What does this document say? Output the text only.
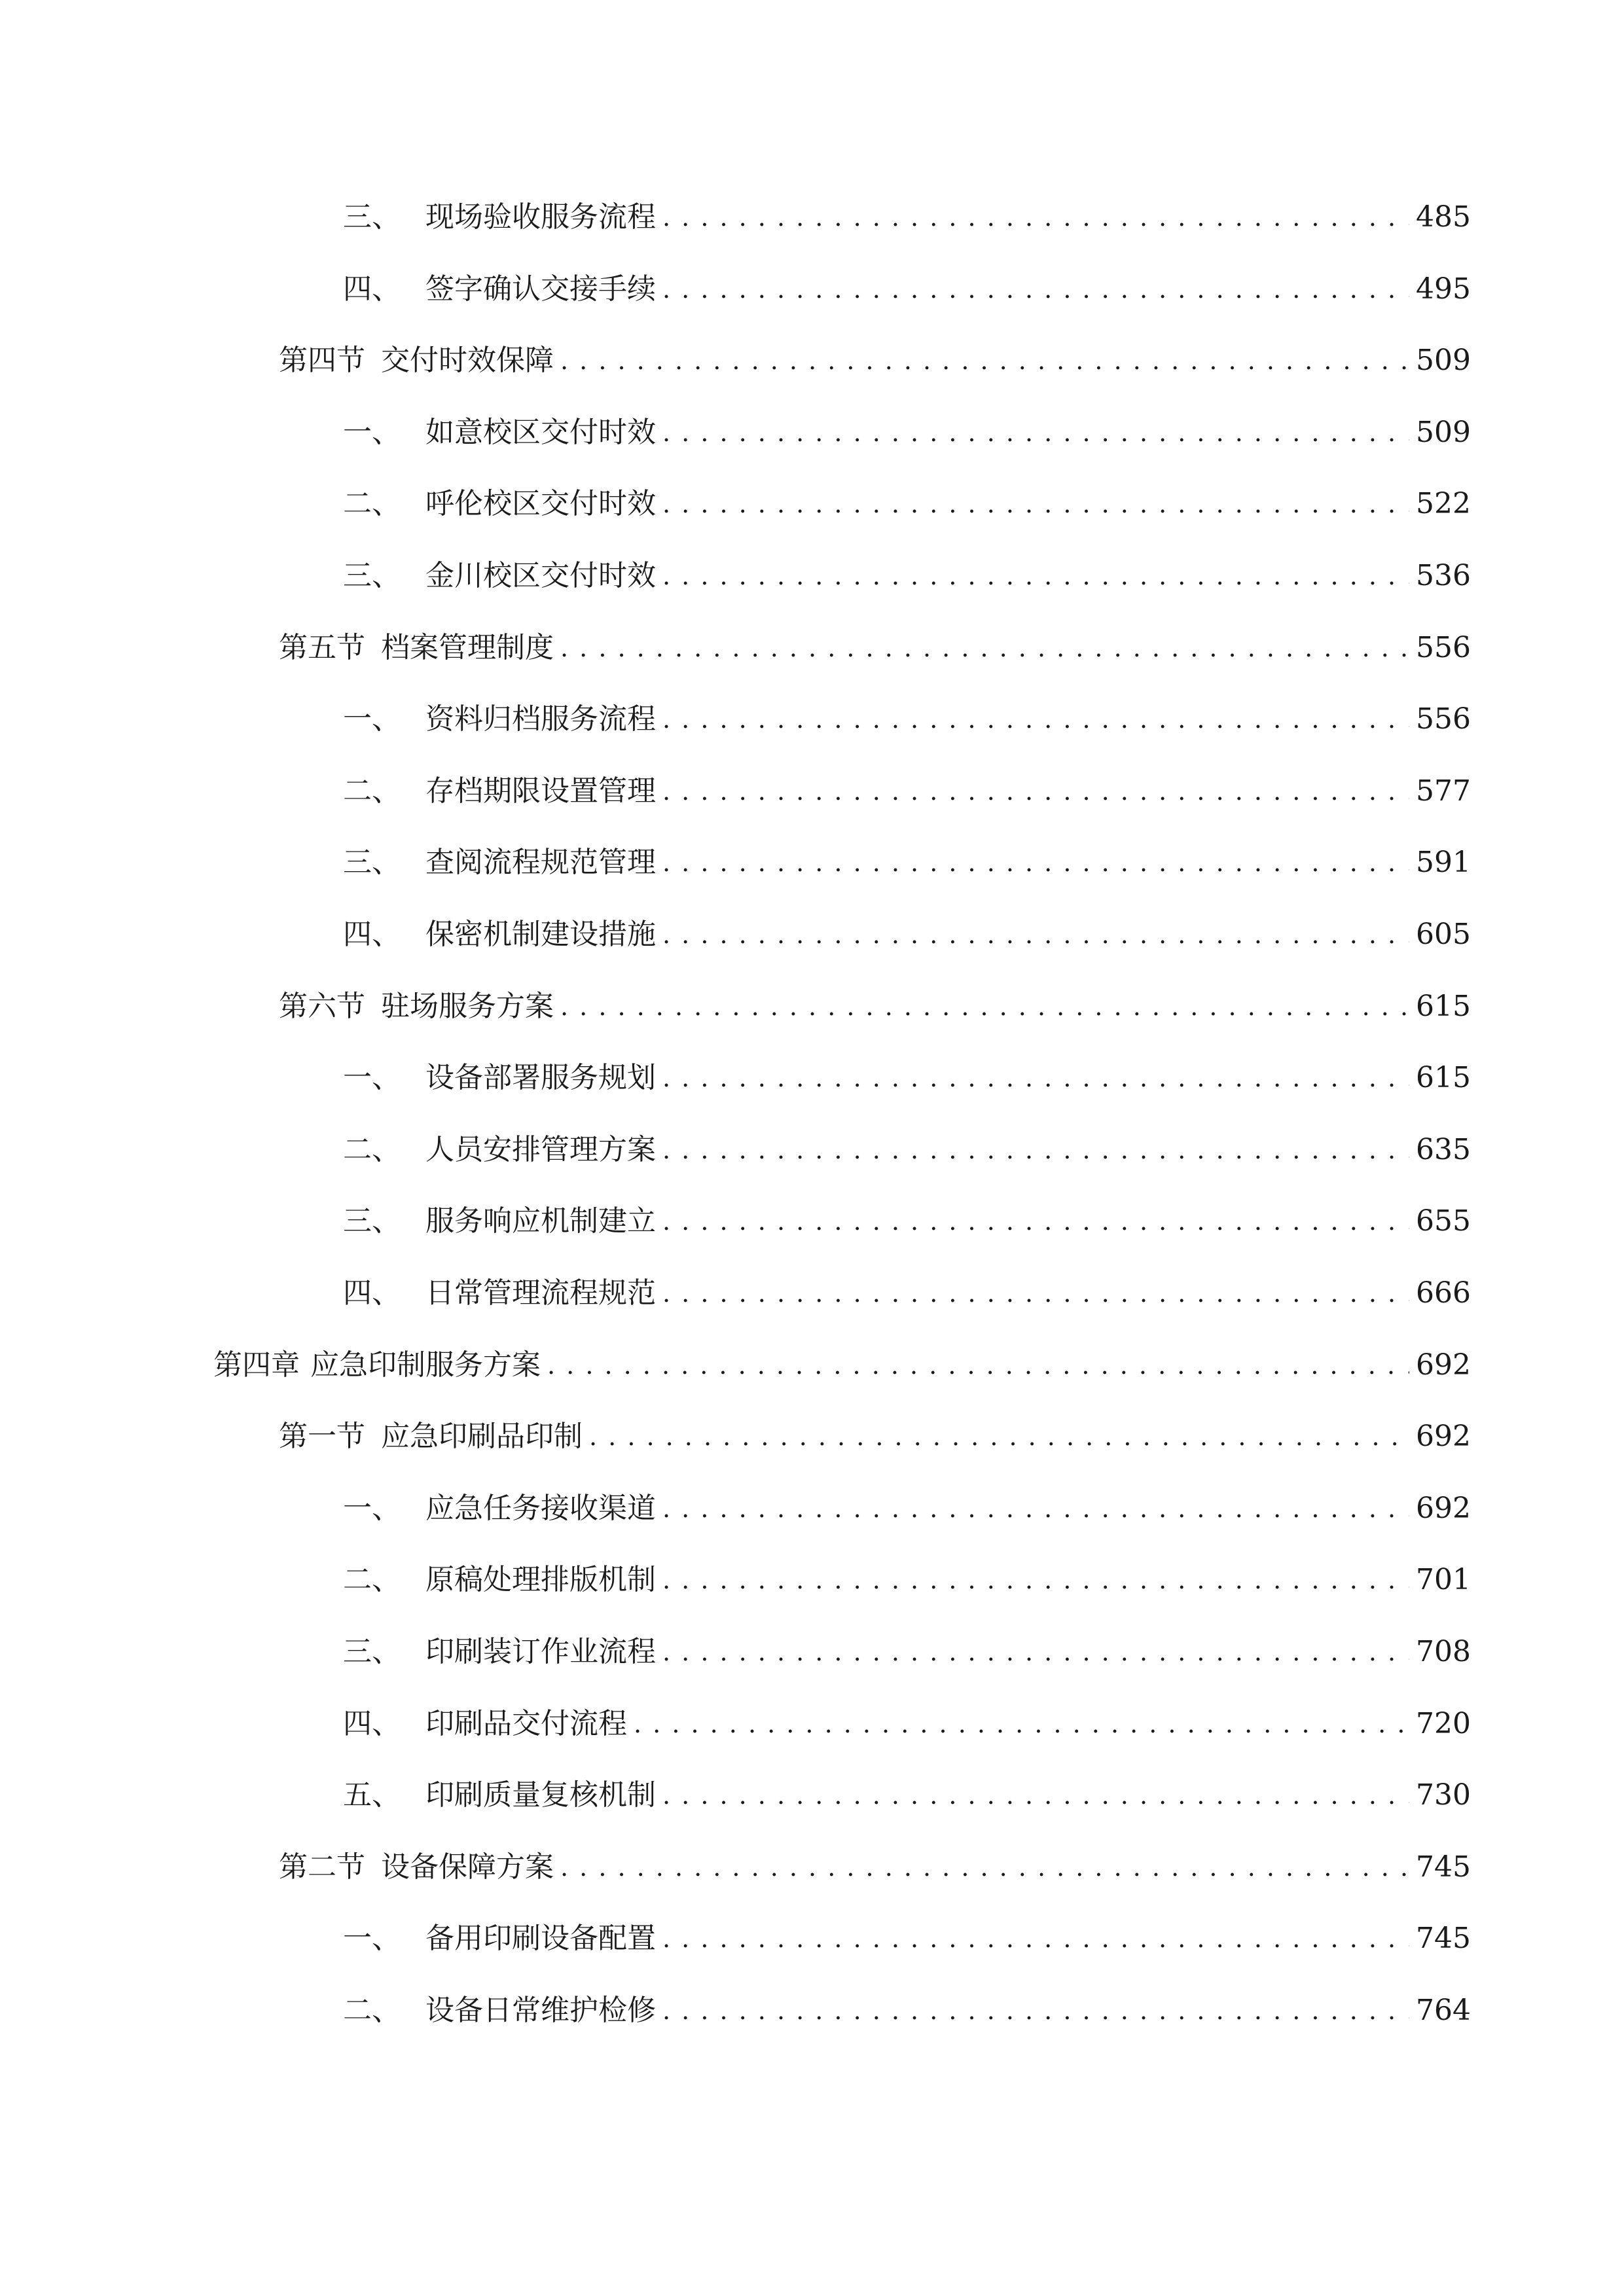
三、 现场验收服务流程 . . .	485
四、 签字确认交接手续 . . .	495
第四节 交付时效保障 . . .	509
一、 如意校区交付时效 . . .	509
二、 呼伦校区交付时效 . . .	522
三、 金川校区交付时效 . . .	536
第五节 档案管理制度 . . .	556
一、 资料归档服务流程 . . .	556
二、 存档期限设置管理 . . .	577
三、 查阅流程规范管理 . . .	591
四、 保密机制建设措施 . . .	605
第六节 驻场服务方案 . . .	615
一、 设备部署服务规划 . . .	615
二、 人员安排管理方案 . . .	635
三、 服务响应机制建立 . . .	655
四、 日常管理流程规范 . . .	666
第四章 应急印制服务方案 . . .	692
第一节 应急印刷品印制 . . .	692
一、 应急任务接收渠道 . . .	692
二、 原稿处理排版机制 . . .	701
三、 印刷装订作业流程 . . .	708
四、 印刷品交付流程 . . .	720
五、 印刷质量复核机制 . . .	730
第二节 设备保障方案 . . .	745
一、 备用印刷设备配置 . . .	745
二、 设备日常维护检修 . . .	764
